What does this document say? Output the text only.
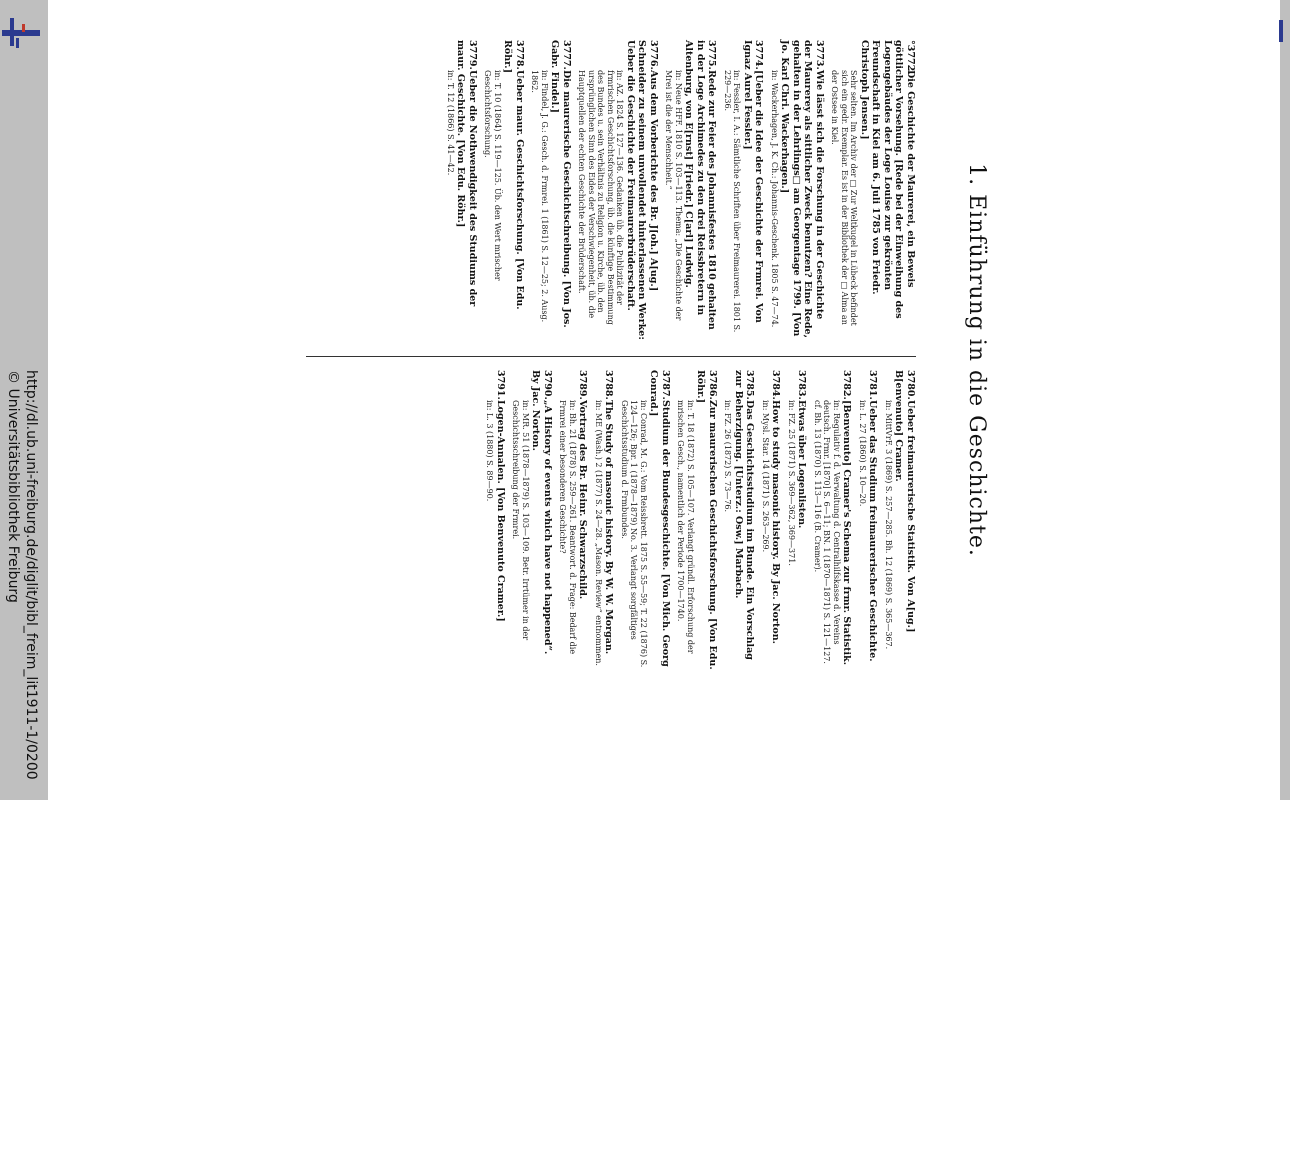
http://dl.ub.uni-freiburg.de/diglit/bibl_freim_lit1911-1/0200
© Universitätsbibliothek Freiburg	1. Einführung in die Geschichte.
°3772.Die Geschichte der Maurerei, ein Beweis göttlicher Vorsehung. [Rede bei der Einweihung des Logengebäudes der Loge Louise zur gekrönten Freundschaft in Kiel am 6. Juli 1785 von Friedr. Christoph Jensen.]
Sehr selten. Im Archiv der □ Zur Weltkugel in Lübeck befindet sich ein gedr. Exemplar. Es ist in der Bibliothek der □ Alma an der Ostsee in Kiel.
3773.Wie lässt sich die Forschung in der Geschichte der Maurerey als sittlicher Zweck benutzen? Eine Rede, gehalten in der Lehrlings□ am Georgentage 1799. [Von Jo. Karl Chri. Wackerhagen.]
in: Wackerhagen, J. K. Ch.: Johannis-Geschenk. 1805 S. 47—74.
3774.[Ueber die Idee der Geschichte der Frmrei. Von Ignaz Aurel Fessler.]
in: Fessler, I. A.: Sämtliche Schriften über Freimaurerei. 1801 S. 229—236.
3775.Rede zur Feier des Johannisfestes 1810 gehalten in der Loge Archimedes zu den drei Reissbretern in Altenburg, von E[rnst] F[riedr.] C[arl] Ludwig.
in: Neue HFF. 1810 S. 103—113. Thema: „Die Geschichte der Mrei ist die der Menschheit.“
3776.Aus dem Vorberichte des Br. J[oh.] A[ug.] Schneider zu seinem unvollendet hinterlassenen Werke: Ueber die Geschichte der Freimaurerbrüderschaft.
in: AZ. 1824 S. 127—136. Gedanken üb. die Publizität der frmrischen Geschichtsforschung, üb. die künftige Bestimmung des Bundes u. sein Verhältnis zu Religion u. Kirche, üb. den ursprünglichen Sinn des Eides der Verschwiegenheit, üb. die Hauptquellen der echten Geschichte der Brüderschaft.
3777.Die maurerische Geschichtschreibung. [Von Jos. Gabr. Findel.]
in: Findel, J. G.: Gesch. d. Frmrei. 1 (1861) S. 12—25; 2. Ausg. 1862.
3778.Ueber maur. Geschichtsforschung. [Von Edu. Röhr.]
in: T. 10 (1864) S. 119—125. Üb. den Wert mrischer Geschichtsforschung.
3779.Ueber die Nothwendigkeit des Studiums der maur. Geschichte. [Von Edu. Röhr.]
in: T. 12 (1866) S. 41—42.
3780.Ueber freimaurerische Statistik. Von A[ug.] B[envenuto] Cramer.
in: MittVrF. 3 (1869) S. 257—285. Bh. 12 (1869) S. 365—367.
3781.Ueber das Studium freimaurerischer Geschichte.
in: L. 27 (1860) S. 10—20.
3782.[Benvenuto] Cramer's Schema zur frmr. Statistik.
in: Regulativ f. d. Verwaltung d. Centralhilfskasse d. Vereins deutsch. Frmr. [1870] S. 6—11; BN. 1 (1870—1871) S. 121—127. cf. Bh. 13 (1870) S. 113—116 (B. Cramer).
3783.Etwas über Logenlisten.
in: FZ. 25 (1871) S. 369—362, 369—371.
3784.How to study masonic history. By Jac. Norton.
in: Mysl. Star. 14 (1871) S. 263—269.
3785.Das Geschichtsstudium im Bunde. Ein Vorschlag zur Beherzigung. [Unterz.: Osw.] Marbach.
in: FZ. 26 (1872) S. 73—76.
3786.Zur maurerischen Geschichtsforschung. [Von Edu. Röhr.]
in: T. 18 (1872) S. 105—107. Verlangt gründl. Erforschung der mrischen Gesch., namentlich der Periode 1700—1740.
3787.Studium der Bundesgeschichte. [Von Mich. Georg Conrad.]
in: Conrad, M. G.: Vom Reissbrett. 1875 S. 55—59; T. 22 (1876) S. 124—126; Bpr. 1 (1878—1879) No. 3. Verlangt sorgfältiges Geschichtsstudium d. Frmbundes.
3788.The Study of masonic history. By W. W. Morgan.
in: ME (Wash.) 2 (1877) S. 24—28. „Mason. Review“ entnommen.
3789.Vortrag des Br. Heinr. Schwarzschild.
in: Bh. 21 (1878) S. 259—261. Beantwort. d. Frage: Bedarf die Frmrei einer besonderen Geschichte?
3790.„A History of events which have not happened“. By Jac. Norton.
in: MR. 51 (1878—1879) S. 103—109. Betr. Irrtümer in der Geschichtsschreibung der Frmrei.
3791.Logen-Annalen. [Von Benvenuto Cramer.]
in: L. 3 (1880) S. 89—90.
